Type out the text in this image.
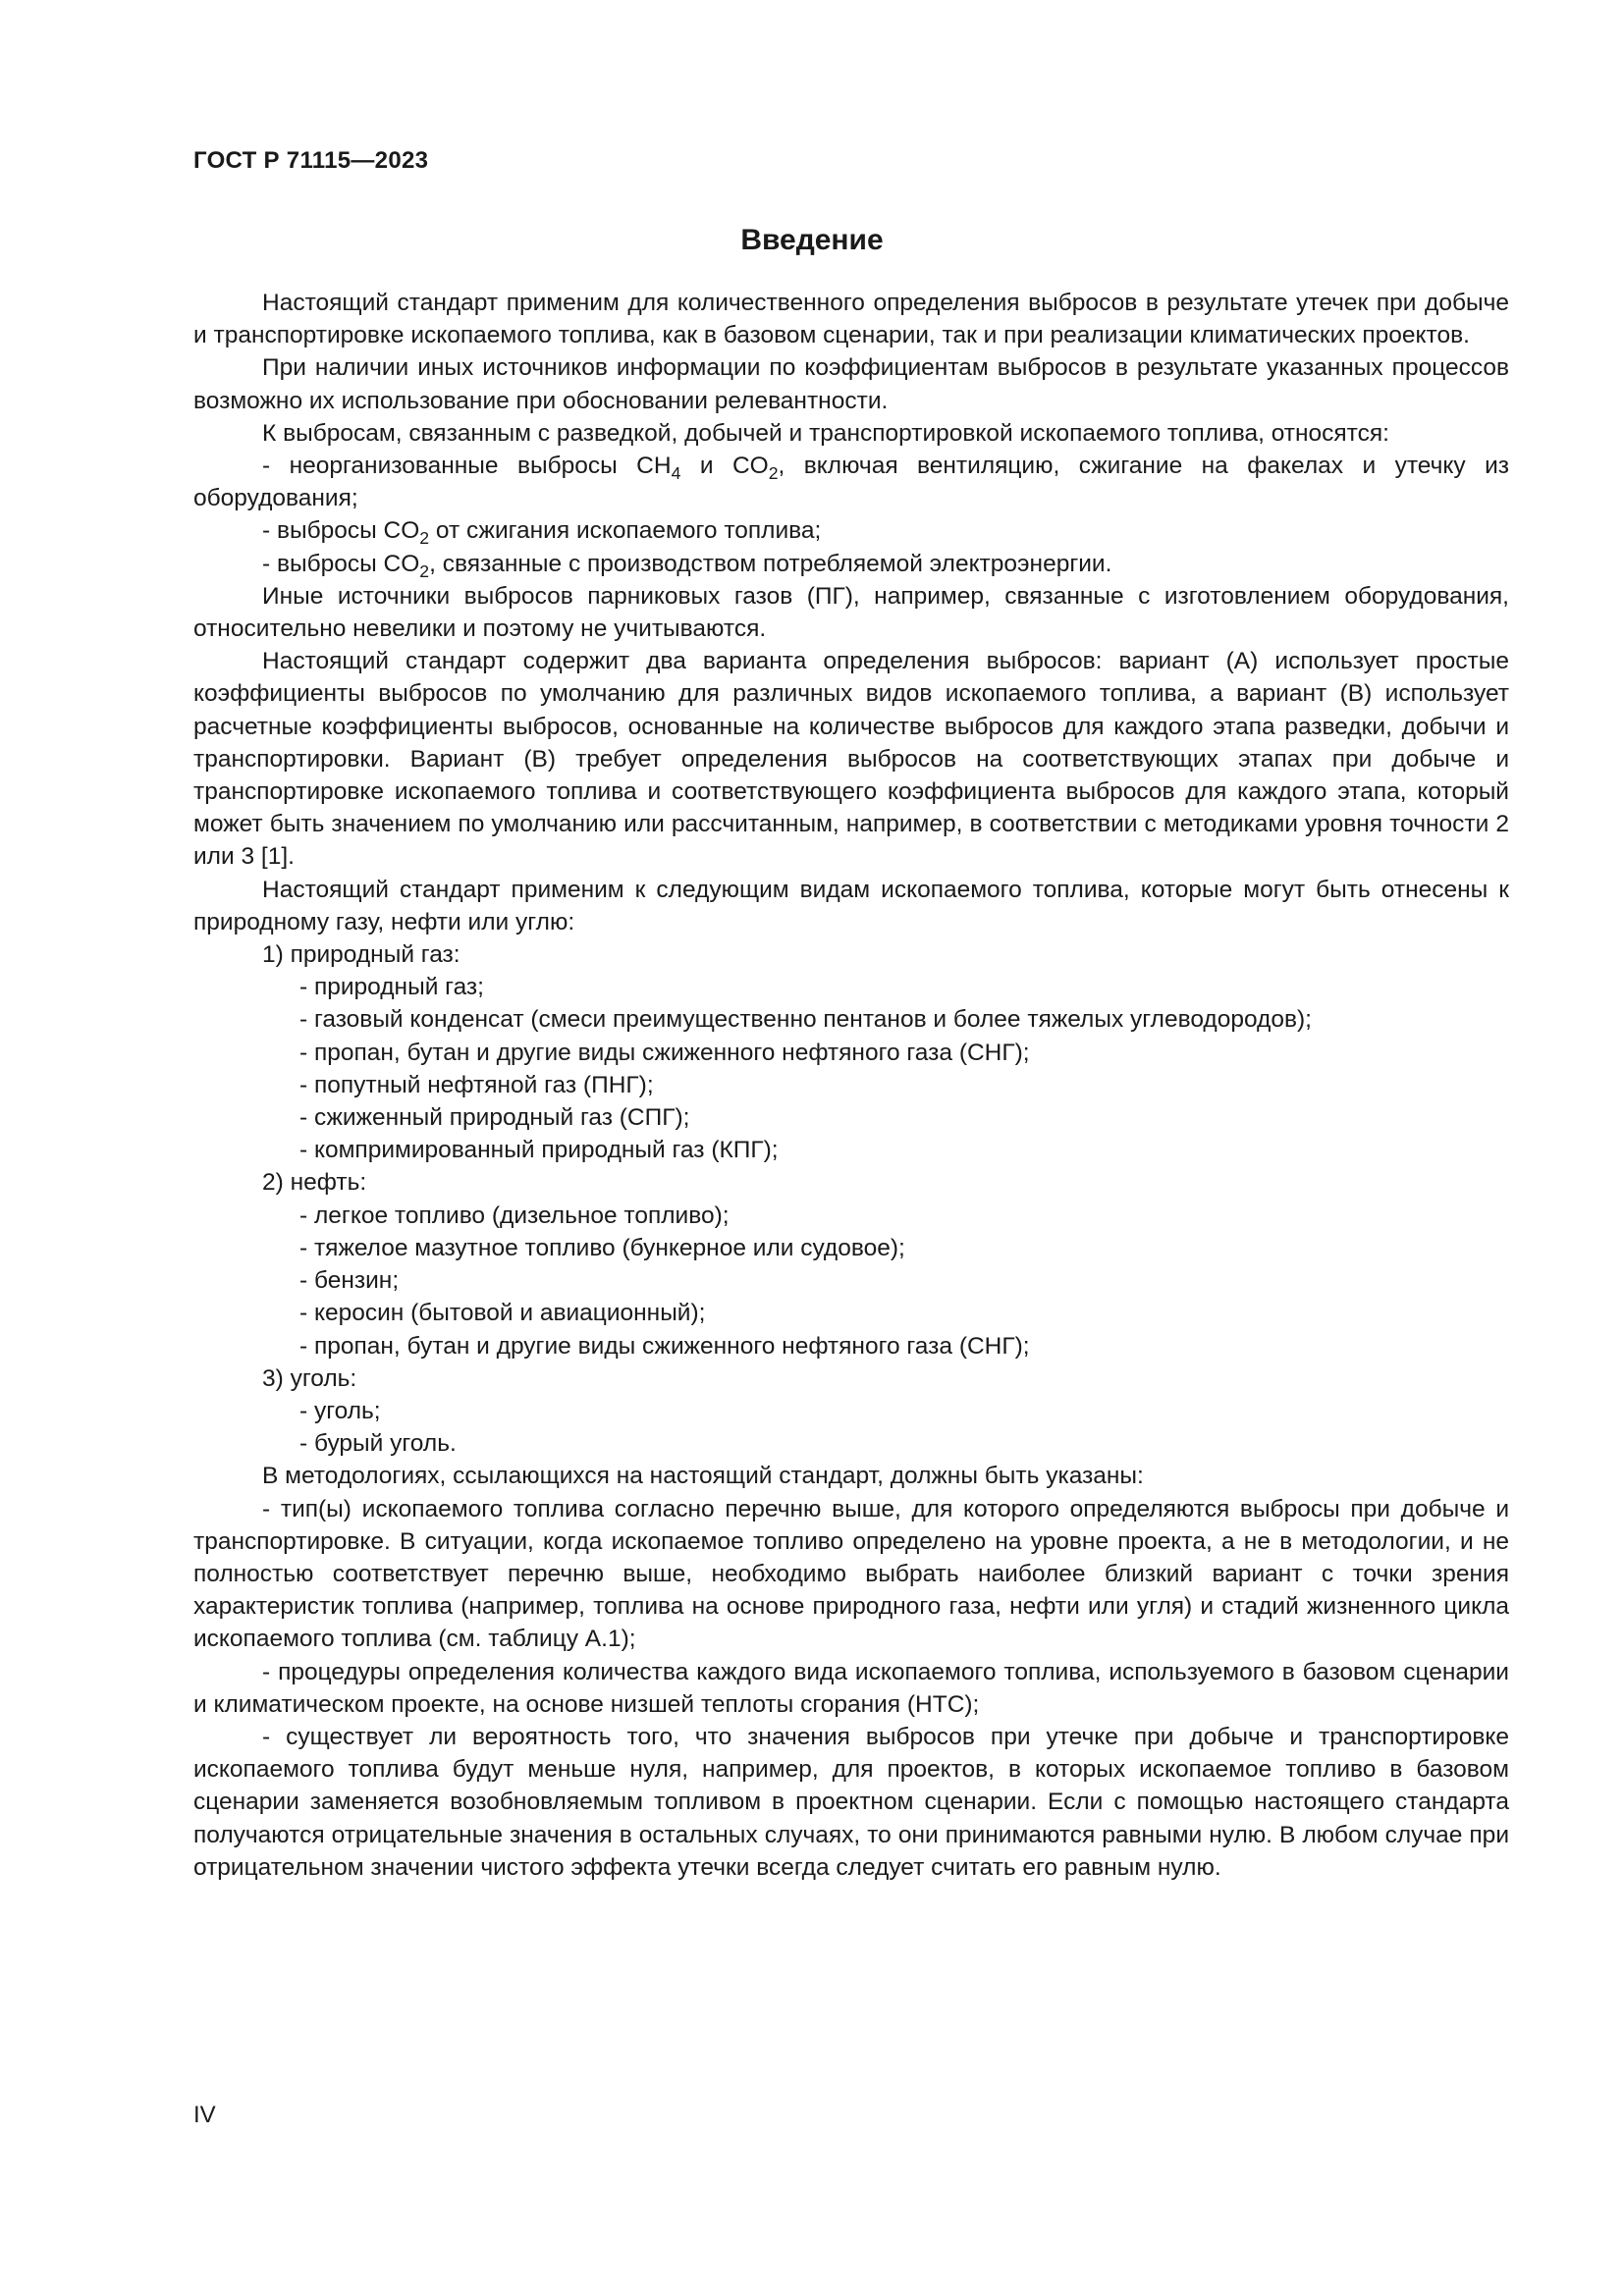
ГОСТ Р 71115—2023
Введение

Настоящий стандарт применим для количественного определения выбросов в результате утечек при добыче и транспортировке ископаемого топлива, как в базовом сценарии, так и при реализации климатических проектов.

При наличии иных источников информации по коэффициентам выбросов в результате указанных процессов возможно их использование при обосновании релевантности.

К выбросам, связанным с разведкой, добычей и транспортировкой ископаемого топлива, относятся:

- неорганизованные выбросы $CH_4$ и $CO_2$, включая вентиляцию, сжигание на факелах и утечку из оборудования;

- выбросы $CO_2$ от сжигания ископаемого топлива;

- выбросы $CO_2$, связанные с производством потребляемой электроэнергии.

Иные источники выбросов парниковых газов (ПГ), например, связанные с изготовлением оборудования, относительно невелики и поэтому не учитываются.

Настоящий стандарт содержит два варианта определения выбросов: вариант (A) использует простые коэффициенты выбросов по умолчанию для различных видов ископаемого топлива, а вариант (B) использует расчетные коэффициенты выбросов, основанные на количестве выбросов для каждого этапа разведки, добычи и транспортировки. Вариант (B) требует определения выбросов на соответствующих этапах при добыче и транспортировке ископаемого топлива и соответствующего коэффициента выбросов для каждого этапа, который может быть значением по умолчанию или рассчитанным, например, в соответствии с методиками уровня точности 2 или 3 [1].

Настоящий стандарт применим к следующим видам ископаемого топлива, которые могут быть отнесены к природному газу, нефти или углю:

1) природный газ:

- природный газ;

- газовый конденсат (смеси преимущественно пентанов и более тяжелых углеводородов);

- пропан, бутан и другие виды сжиженного нефтяного газа (СНГ);

- попутный нефтяной газ (ПНГ);

- сжиженный природный газ (СПГ);

- компримированный природный газ (КПГ);

2) нефть:

- легкое топливо (дизельное топливо);

- тяжелое мазутное топливо (бункерное или судовое);

- бензин;

- керосин (бытовой и авиационный);

- пропан, бутан и другие виды сжиженного нефтяного газа (СНГ);

3) уголь:

- уголь;

- бурый уголь.

В методологиях, ссылающихся на настоящий стандарт, должны быть указаны:

- тип(ы) ископаемого топлива согласно перечню выше, для которого определяются выбросы при добыче и транспортировке. В ситуации, когда ископаемое топливо определено на уровне проекта, а не в методологии, и не полностью соответствует перечню выше, необходимо выбрать наиболее близкий вариант с точки зрения характеристик топлива (например, топлива на основе природного газа, нефти или угля) и стадий жизненного цикла ископаемого топлива (см. таблицу A.1);

- процедуры определения количества каждого вида ископаемого топлива, используемого в базовом сценарии и климатическом проекте, на основе низшей теплоты сгорания (НТС);

- существует ли вероятность того, что значения выбросов при утечке при добыче и транспортировке ископаемого топлива будут меньше нуля, например, для проектов, в которых ископаемое топливо в базовом сценарии заменяется возобновляемым топливом в проектном сценарии. Если с помощью настоящего стандарта получаются отрицательные значения в остальных случаях, то они принимаются равными нулю. В любом случае при отрицательном значении чистого эффекта утечки всегда следует считать его равным нулю.

IV
